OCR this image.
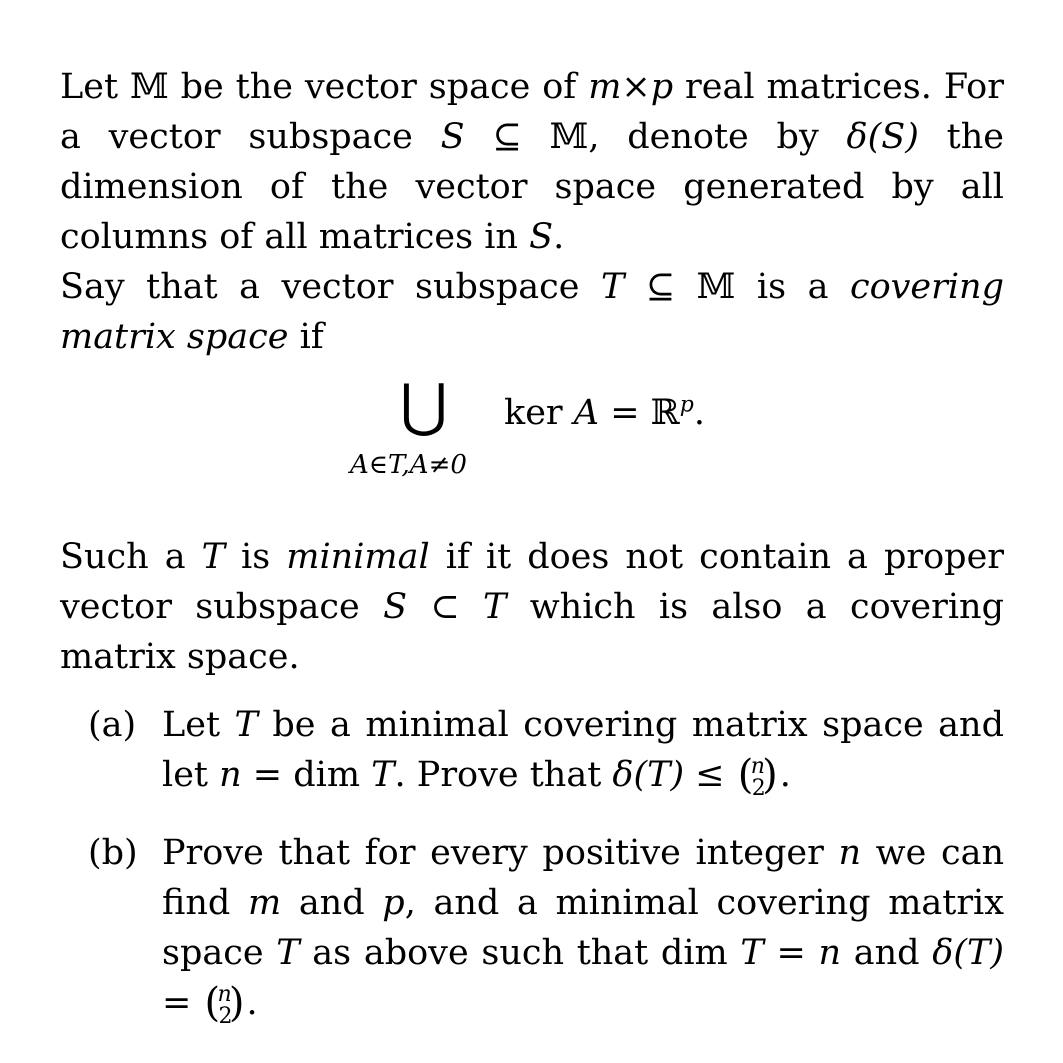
Let 𝕄 be the vector space of m×p real matrices. For a vector subspace S ⊆ 𝕄, denote by δ(S) the dimension of the vector space generated by all columns of all matrices in S.

Say that a vector subspace T ⊆ 𝕄 is a covering matrix space if

⋃
A∈T,A≠0
ker A = ℝ$^p$.

Such a T is minimal if it does not contain a proper vector subspace S ⊂ T which is also a covering matrix space.

(a) Let T be a minimal covering matrix space and let n = dim T. Prove that δ(T) ≤ (
n
2
) .

(b) Prove that for every positive integer n we can find m and p, and a minimal covering matrix space T as above such that dim T = n and δ(T) = (
n
2
) .
